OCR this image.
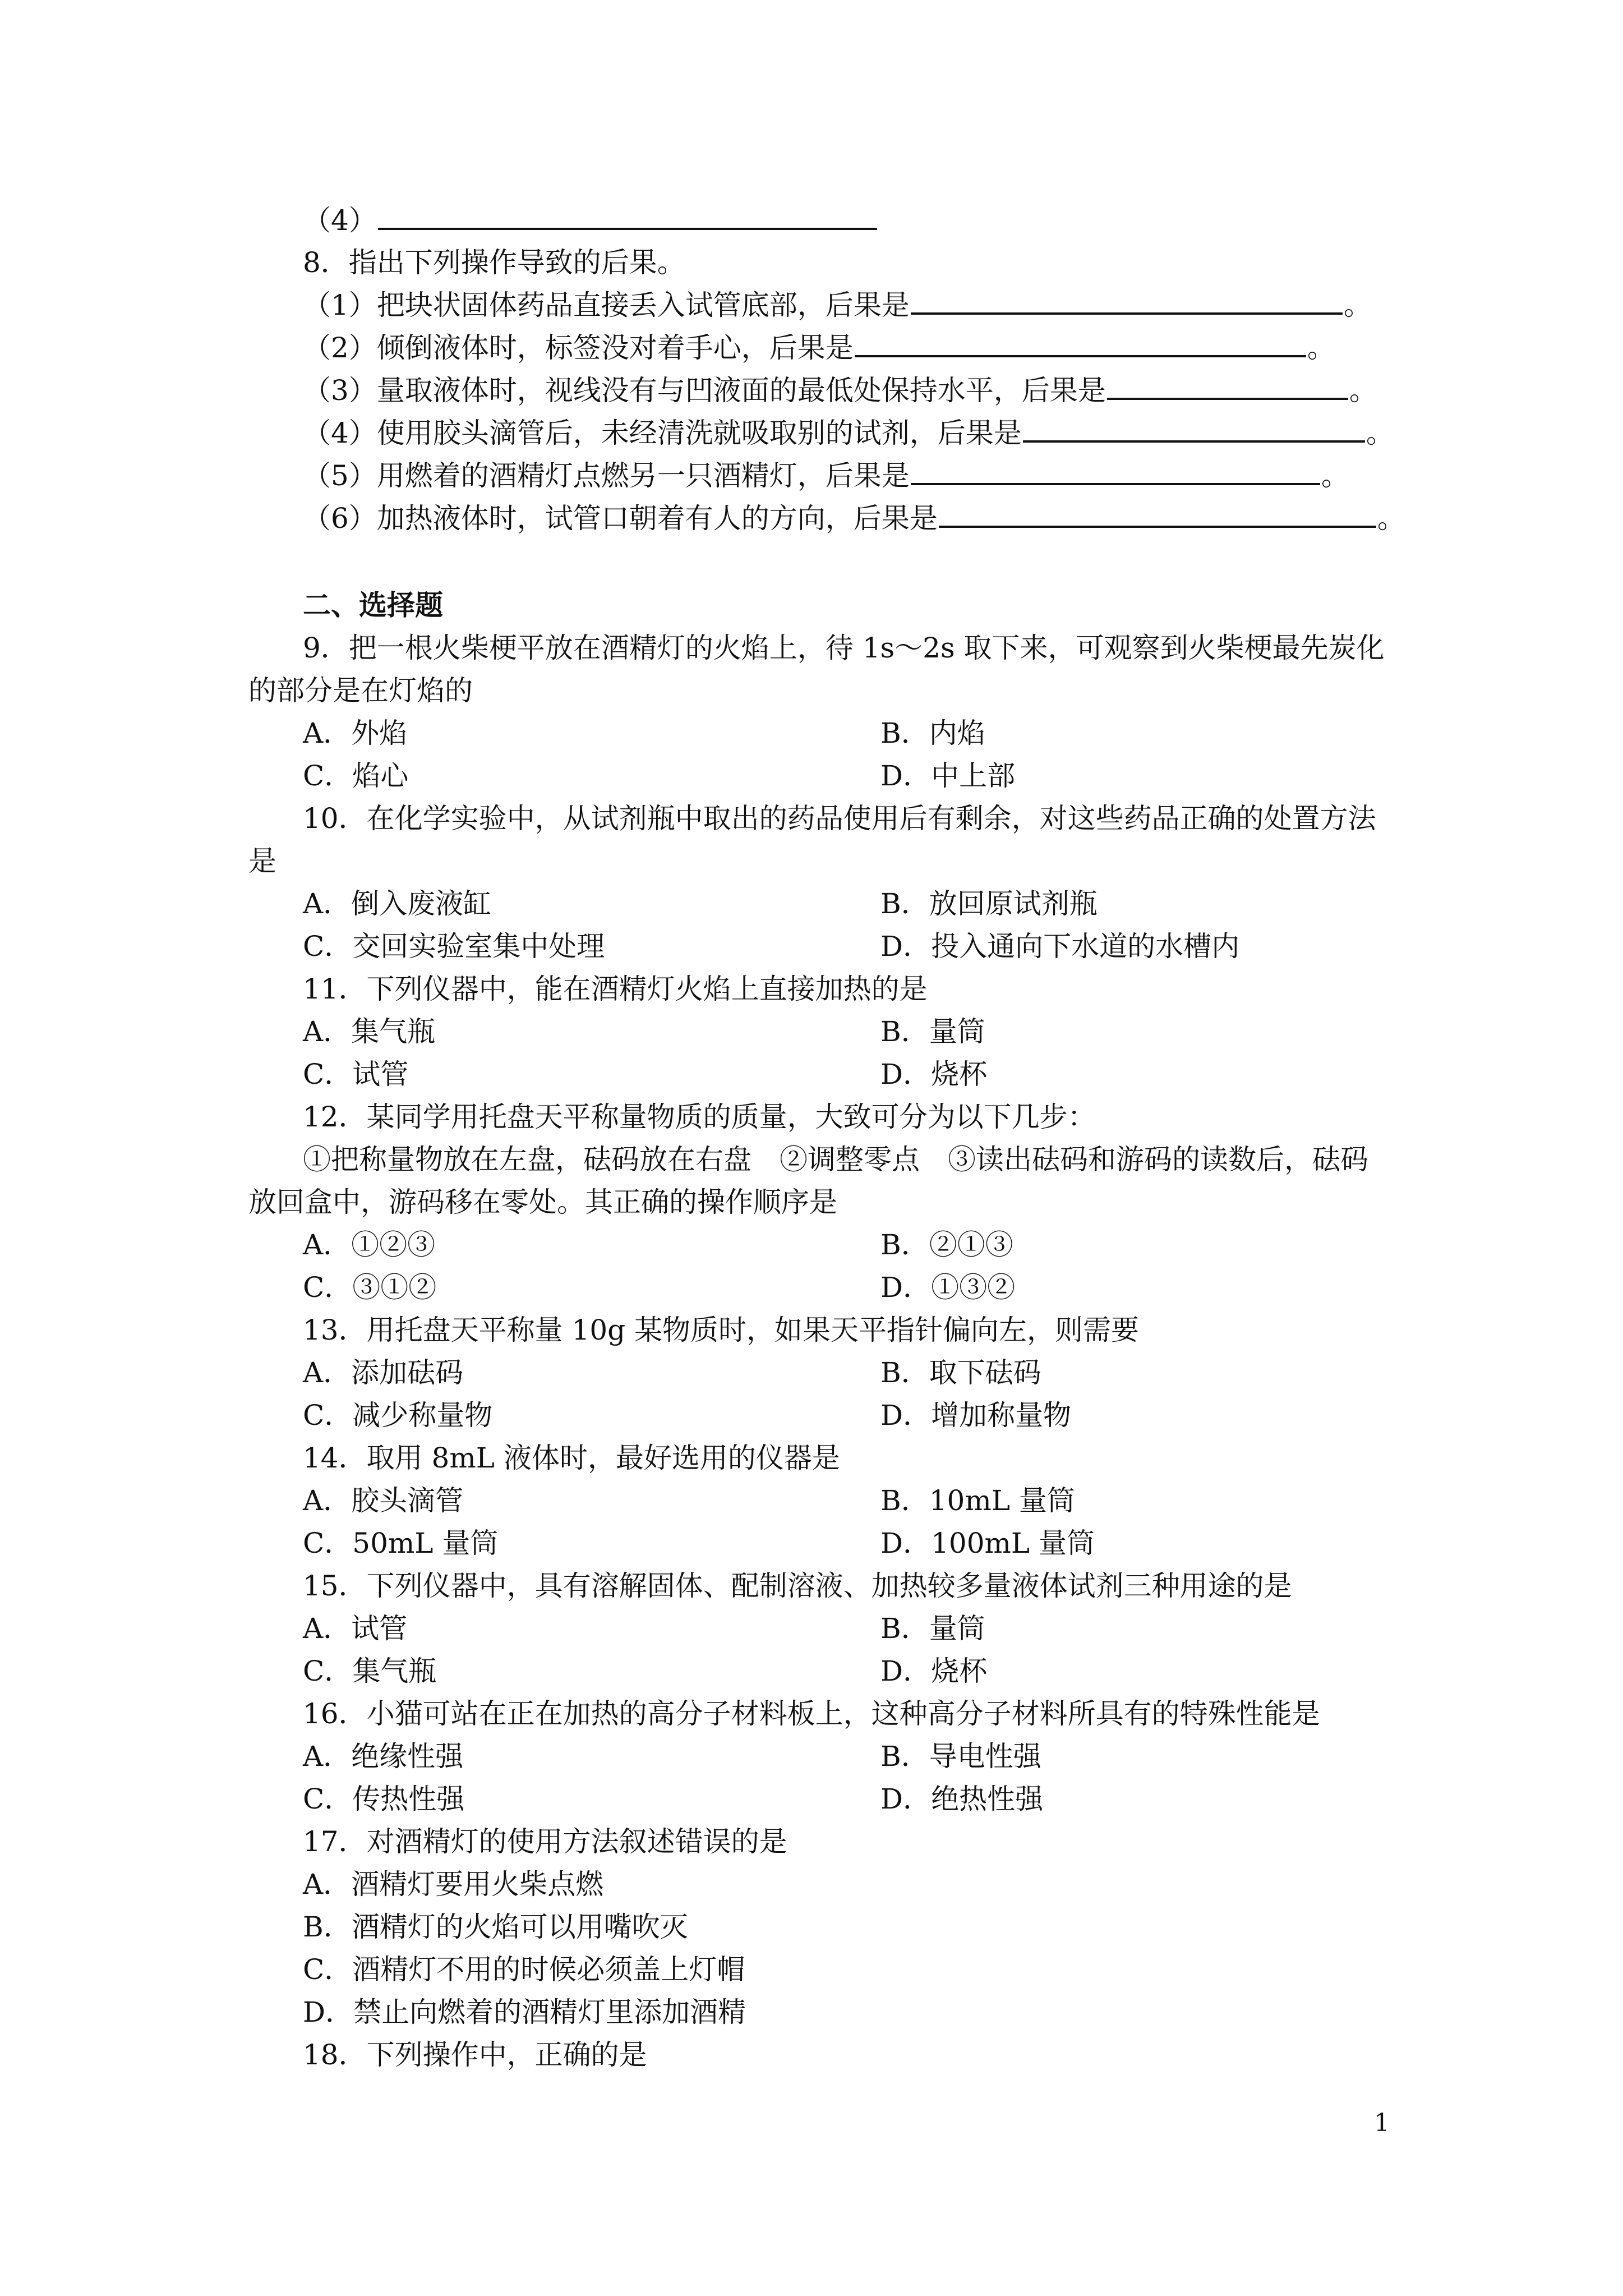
（4）
8．指出下列操作导致的后果。
（1）把块状固体药品直接丢入试管底部，后果是	。
（2）倾倒液体时，标签没对着手心，后果是	。
（3）量取液体时，视线没有与凹液面的最低处保持水平，后果是	。
（4）使用胶头滴管后，未经清洗就吸取别的试剂，后果是	。
（5）用燃着的酒精灯点燃另一只酒精灯，后果是	。
（6）加热液体时，试管口朝着有人的方向，后果是	。
二、选择题
9．把一根火柴梗平放在酒精灯的火焰上，待 1s～2s 取下来，可观察到火柴梗最先炭化
的部分是在灯焰的
A．外焰	B．内焰
C．焰心	D．中上部
10．在化学实验中，从试剂瓶中取出的药品使用后有剩余，对这些药品正确的处置方法
是
A．倒入废液缸	B．放回原试剂瓶
C．交回实验室集中处理	D．投入通向下水道的水槽内
11．下列仪器中，能在酒精灯火焰上直接加热的是
A．集气瓶	B．量筒
C．试管	D．烧杯
12．某同学用托盘天平称量物质的质量，大致可分为以下几步：
①把称量物放在左盘，砝码放在右盘　②调整零点　③读出砝码和游码的读数后，砝码
放回盒中，游码移在零处。其正确的操作顺序是
A．①②③	B．②①③
C．③①②	D．①③②
13．用托盘天平称量 10g 某物质时，如果天平指针偏向左，则需要
A．添加砝码	B．取下砝码
C．减少称量物	D．增加称量物
14．取用 8mL 液体时，最好选用的仪器是
A．胶头滴管	B．10mL 量筒
C．50mL 量筒	D．100mL 量筒
15．下列仪器中，具有溶解固体、配制溶液、加热较多量液体试剂三种用途的是
A．试管	B．量筒
C．集气瓶	D．烧杯
16．小猫可站在正在加热的高分子材料板上，这种高分子材料所具有的特殊性能是
A．绝缘性强	B．导电性强
C．传热性强	D．绝热性强
17．对酒精灯的使用方法叙述错误的是
A．酒精灯要用火柴点燃
B．酒精灯的火焰可以用嘴吹灭
C．酒精灯不用的时候必须盖上灯帽
D．禁止向燃着的酒精灯里添加酒精
18．下列操作中，正确的是
1
